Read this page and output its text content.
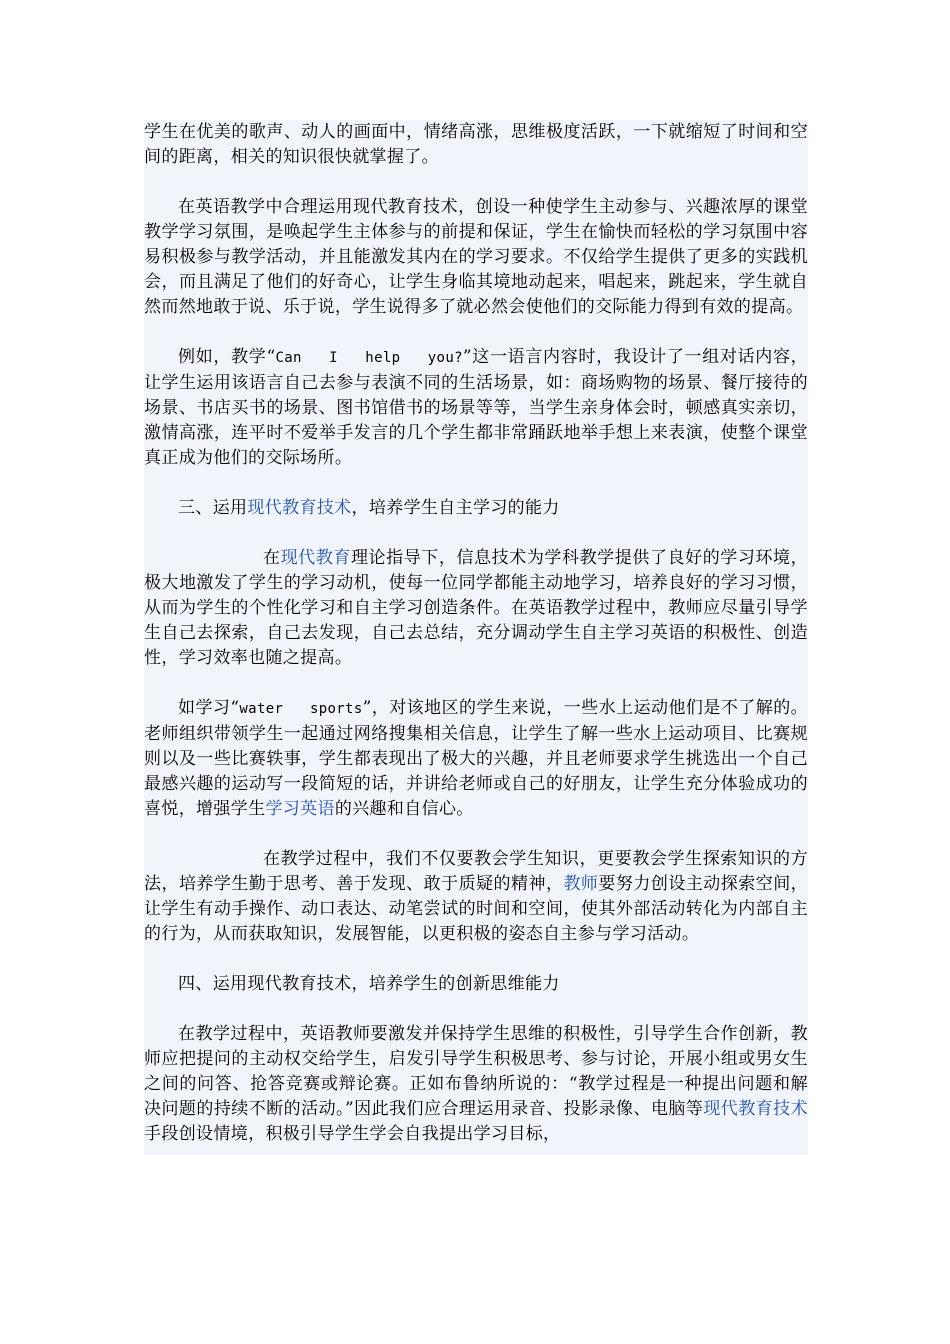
学生在优美的歌声、动人的画面中，情绪高涨，思维极度活跃，一下就缩短了时间和空间的距离，相关的知识很快就掌握了。

在英语教学中合理运用现代教育技术，创设一种使学生主动参与、兴趣浓厚的课堂教学学习氛围，是唤起学生主体参与的前提和保证，学生在愉快而轻松的学习氛围中容易积极参与教学活动，并且能激发其内在的学习要求。不仅给学生提供了更多的实践机会，而且满足了他们的好奇心，让学生身临其境地动起来，唱起来，跳起来，学生就自然而然地敢于说、乐于说，学生说得多了就必然会使他们的交际能力得到有效的提高。

例如，教学“Can   I   help   you?”这一语言内容时，我设计了一组对话内容，让学生运用该语言自己去参与表演不同的生活场景，如：商场购物的场景、餐厅接待的场景、书店买书的场景、图书馆借书的场景等等，当学生亲身体会时，顿感真实亲切，激情高涨，连平时不爱举手发言的几个学生都非常踊跃地举手想上来表演，使整个课堂真正成为他们的交际场所。

三、运用现代教育技术，培养学生自主学习的能力

在现代教育理论指导下，信息技术为学科教学提供了良好的学习环境，极大地激发了学生的学习动机，使每一位同学都能主动地学习，培养良好的学习习惯，从而为学生的个性化学习和自主学习创造条件。在英语教学过程中，教师应尽量引导学生自己去探索，自己去发现，自己去总结，充分调动学生自主学习英语的积极性、创造性，学习效率也随之提高。

如学习“water   sports”，对该地区的学生来说，一些水上运动他们是不了解的。老师组织带领学生一起通过网络搜集相关信息，让学生了解一些水上运动项目、比赛规则以及一些比赛轶事，学生都表现出了极大的兴趣，并且老师要求学生挑选出一个自己最感兴趣的运动写一段简短的话，并讲给老师或自己的好朋友，让学生充分体验成功的喜悦，增强学生学习英语的兴趣和自信心。

在教学过程中，我们不仅要教会学生知识，更要教会学生探索知识的方法，培养学生勤于思考、善于发现、敢于质疑的精神，教师要努力创设主动探索空间，让学生有动手操作、动口表达、动笔尝试的时间和空间，使其外部活动转化为内部自主的行为，从而获取知识，发展智能，以更积极的姿态自主参与学习活动。

四、运用现代教育技术，培养学生的创新思维能力

在教学过程中，英语教师要激发并保持学生思维的积极性，引导学生合作创新，教师应把提问的主动权交给学生，启发引导学生积极思考、参与讨论，开展小组或男女生之间的问答、抢答竞赛或辩论赛。正如布鲁纳所说的：“教学过程是一种提出问题和解决问题的持续不断的活动。”因此我们应合理运用录音、投影录像、电脑等现代教育技术手段创设情境，积极引导学生学会自我提出学习目标，
